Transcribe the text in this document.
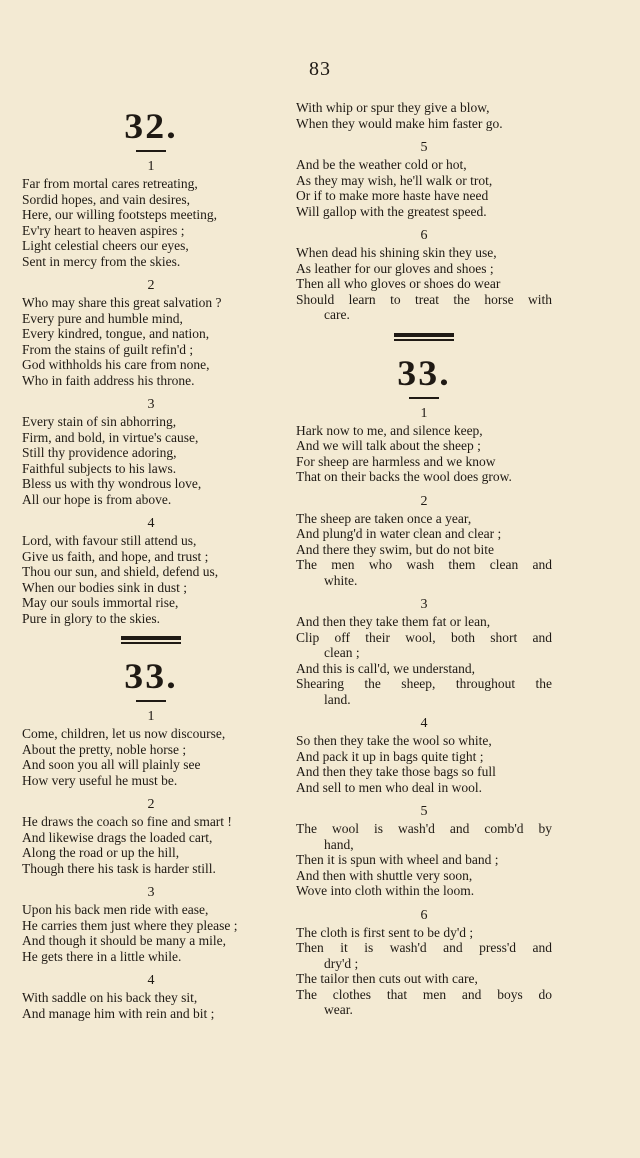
83
32.
1
Far from mortal cares retreating,
Sordid hopes, and vain desires,
Here, our willing footsteps meeting,
Ev'ry heart to heaven aspires ;
Light celestial cheers our eyes,
Sent in mercy from the skies.
2
Who may share this great salvation ?
Every pure and humble mind,
Every kindred, tongue, and nation,
From the stains of guilt refin'd ;
God withholds his care from none,
Who in faith address his throne.
3
Every stain of sin abhorring,
Firm, and bold, in virtue's cause,
Still thy providence adoring,
Faithful subjects to his laws.
Bless us with thy wondrous love,
All our hope is from above.
4
Lord, with favour still attend us,
Give us faith, and hope, and trust ;
Thou our sun, and shield, defend us,
When our bodies sink in dust ;
May our souls immortal rise,
Pure in glory to the skies.
33.
1
Come, children, let us now discourse,
About the pretty, noble horse ;
And soon you all will plainly see
How very useful he must be.
2
He draws the coach so fine and smart !
And likewise drags the loaded cart,
Along the road or up the hill,
Though there his task is harder still.
3
Upon his back men ride with ease,
He carries them just where they please ;
And though it should be many a mile,
He gets there in a little while.
4
With saddle on his back they sit,
And manage him with rein and bit ;
With whip or spur they give a blow,
When they would make him faster go.
5
And be the weather cold or hot,
As they may wish, he'll walk or trot,
Or if to make more haste have need
Will gallop with the greatest speed.
6
When dead his shining skin they use,
As leather for our gloves and shoes ;
Then all who gloves or shoes do wear
Should learn to treat the horse with
care.
33.
1
Hark now to me, and silence keep,
And we will talk about the sheep ;
For sheep are harmless and we know
That on their backs the wool does grow.
2
The sheep are taken once a year,
And plung'd in water clean and clear ;
And there they swim, but do not bite
The men who wash them clean and
white.
3
And then they take them fat or lean,
Clip off their wool, both short and
clean ;
And this is call'd, we understand,
Shearing the sheep, throughout the
land.
4
So then they take the wool so white,
And pack it up in bags quite tight ;
And then they take those bags so full
And sell to men who deal in wool.
5
The wool is wash'd and comb'd by
hand,
Then it is spun with wheel and band ;
And then with shuttle very soon,
Wove into cloth within the loom.
6
The cloth is first sent to be dy'd ;
Then it is wash'd and press'd and
dry'd ;
The tailor then cuts out with care,
The clothes that men and boys do
wear.
